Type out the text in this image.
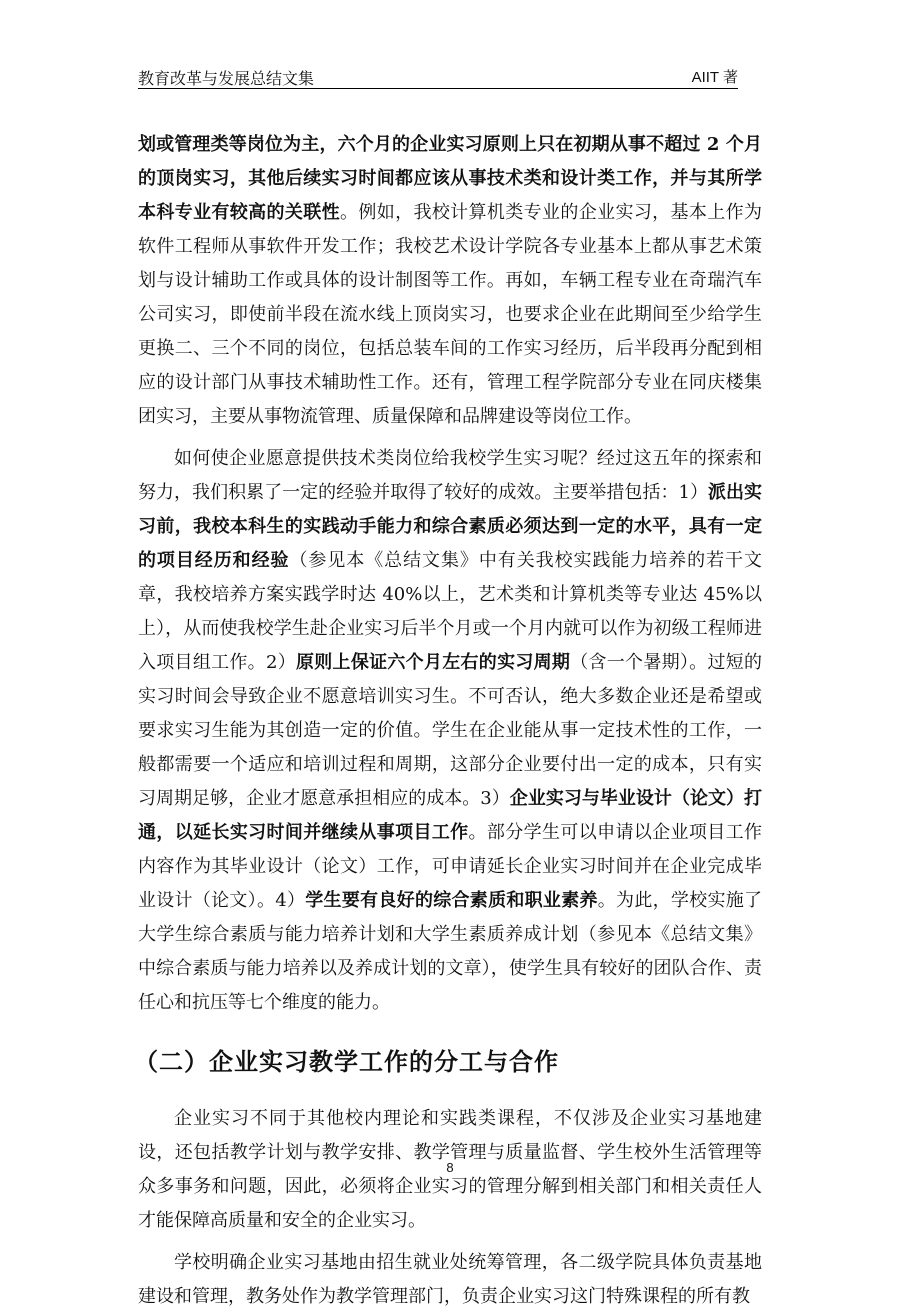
教育改革与发展总结文集	AIIT 著

划或管理类等岗位为主，六个月的企业实习原则上只在初期从事不超过 2 个月的顶岗实习，其他后续实习时间都应该从事技术类和设计类工作，并与其所学本科专业有较高的关联性。例如，我校计算机类专业的企业实习，基本上作为软件工程师从事软件开发工作；我校艺术设计学院各专业基本上都从事艺术策划与设计辅助工作或具体的设计制图等工作。再如，车辆工程专业在奇瑞汽车公司实习，即使前半段在流水线上顶岗实习，也要求企业在此期间至少给学生更换二、三个不同的岗位，包括总装车间的工作实习经历，后半段再分配到相应的设计部门从事技术辅助性工作。还有，管理工程学院部分专业在同庆楼集团实习，主要从事物流管理、质量保障和品牌建设等岗位工作。

如何使企业愿意提供技术类岗位给我校学生实习呢？经过这五年的探索和努力，我们积累了一定的经验并取得了较好的成效。主要举措包括：1）派出实习前，我校本科生的实践动手能力和综合素质必须达到一定的水平，具有一定的项目经历和经验（参见本《总结文集》中有关我校实践能力培养的若干文章，我校培养方案实践学时达 40%以上，艺术类和计算机类等专业达 45%以上），从而使我校学生赴企业实习后半个月或一个月内就可以作为初级工程师进入项目组工作。2）原则上保证六个月左右的实习周期（含一个暑期）。过短的实习时间会导致企业不愿意培训实习生。不可否认，绝大多数企业还是希望或要求实习生能为其创造一定的价值。学生在企业能从事一定技术性的工作，一般都需要一个适应和培训过程和周期，这部分企业要付出一定的成本，只有实习周期足够，企业才愿意承担相应的成本。3）企业实习与毕业设计（论文）打通，以延长实习时间并继续从事项目工作。部分学生可以申请以企业项目工作内容作为其毕业设计（论文）工作，可申请延长企业实习时间并在企业完成毕业设计（论文）。4）学生要有良好的综合素质和职业素养。为此，学校实施了大学生综合素质与能力培养计划和大学生素质养成计划（参见本《总结文集》中综合素质与能力培养以及养成计划的文章），使学生具有较好的团队合作、责任心和抗压等七个维度的能力。

（二）企业实习教学工作的分工与合作

企业实习不同于其他校内理论和实践类课程，不仅涉及企业实习基地建设，还包括教学计划与教学安排、教学管理与质量监督、学生校外生活管理等众多事务和问题，因此，必须将企业实习的管理分解到相关部门和相关责任人才能保障高质量和安全的企业实习。

学校明确企业实习基地由招生就业处统筹管理，各二级学院具体负责基地建设和管理，教务处作为教学管理部门，负责企业实习这门特殊课程的所有教

8
